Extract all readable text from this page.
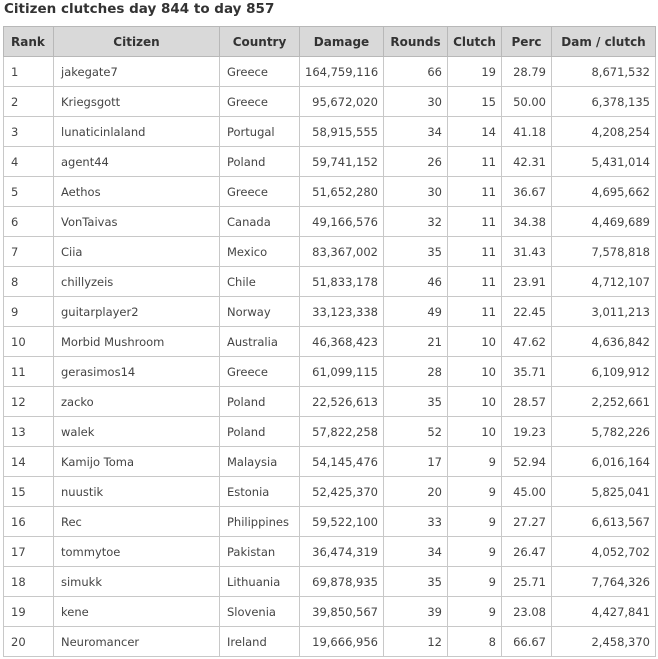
Citizen clutches day 844 to day 857
Rank	Citizen	Country	Damage	Rounds	Clutch	Perc	Dam / clutch
1	jakegate7	Greece	164,759,116	66	19	28.79	8,671,532
2	Kriegsgott	Greece	95,672,020	30	15	50.00	6,378,135
3	lunaticinlaland	Portugal	58,915,555	34	14	41.18	4,208,254
4	agent44	Poland	59,741,152	26	11	42.31	5,431,014
5	Aethos	Greece	51,652,280	30	11	36.67	4,695,662
6	VonTaivas	Canada	49,166,576	32	11	34.38	4,469,689
7	Ciia	Mexico	83,367,002	35	11	31.43	7,578,818
8	chillyzeis	Chile	51,833,178	46	11	23.91	4,712,107
9	guitarplayer2	Norway	33,123,338	49	11	22.45	3,011,213
10	Morbid Mushroom	Australia	46,368,423	21	10	47.62	4,636,842
11	gerasimos14	Greece	61,099,115	28	10	35.71	6,109,912
12	zacko	Poland	22,526,613	35	10	28.57	2,252,661
13	walek	Poland	57,822,258	52	10	19.23	5,782,226
14	Kamijo Toma	Malaysia	54,145,476	17	9	52.94	6,016,164
15	nuustik	Estonia	52,425,370	20	9	45.00	5,825,041
16	Rec	Philippines	59,522,100	33	9	27.27	6,613,567
17	tommytoe	Pakistan	36,474,319	34	9	26.47	4,052,702
18	simukk	Lithuania	69,878,935	35	9	25.71	7,764,326
19	kene	Slovenia	39,850,567	39	9	23.08	4,427,841
20	Neuromancer	Ireland	19,666,956	12	8	66.67	2,458,370
